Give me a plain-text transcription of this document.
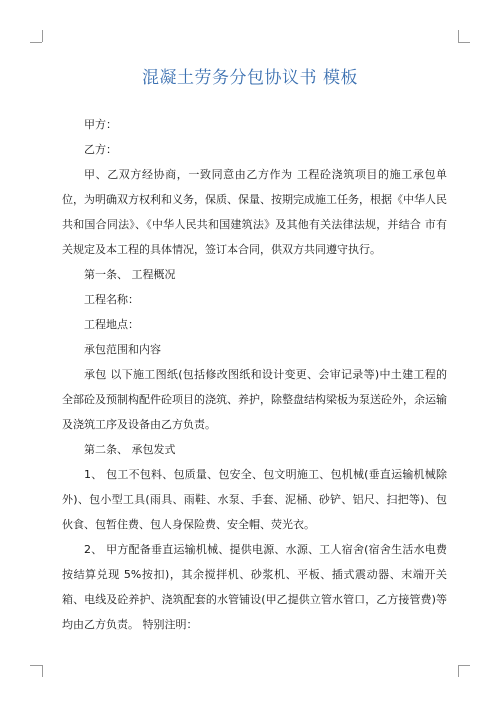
混凝土劳务分包协议书 模板

甲方：

乙方：

甲、乙双方经协商，一致同意由乙方作为 工程砼浇筑项目的施工承包单位，为明确双方权利和义务，保质、保量、按期完成施工任务，根据《中华人民共和国合同法》、《中华人民共和国建筑法》及其他有关法律法规，并结合 市有关规定及本工程的具体情况，签订本合同，供双方共同遵守执行。

第一条、 工程概况

工程名称：

工程地点：

承包范围和内容

承包 以下施工图纸(包括修改图纸和设计变更、会审记录等)中土建工程的全部砼及预制构配件砼项目的浇筑、养护，除整盘结构梁板为泵送砼外，余运输及浇筑工序及设备由乙方负责。

第二条、 承包发式

1、 包工不包料、包质量、包安全、包文明施工、包机械(垂直运输机械除外)、包小型工具(雨具、雨鞋、水泵、手套、泥桶、砂铲、铝尺、扫把等)、包伙食、包暂住费、包人身保险费、安全帽、荧光衣。

2、 甲方配备垂直运输机械、提供电源、水源、工人宿舍(宿舍生活水电费按结算兑现 5%按扣)，其余搅拌机、砂浆机、平板、插式震动器、末端开关箱、电线及砼养护、浇筑配套的水管铺设(甲乙提供立管水管口，乙方接管费)等均由乙方负责。 特别注明：
